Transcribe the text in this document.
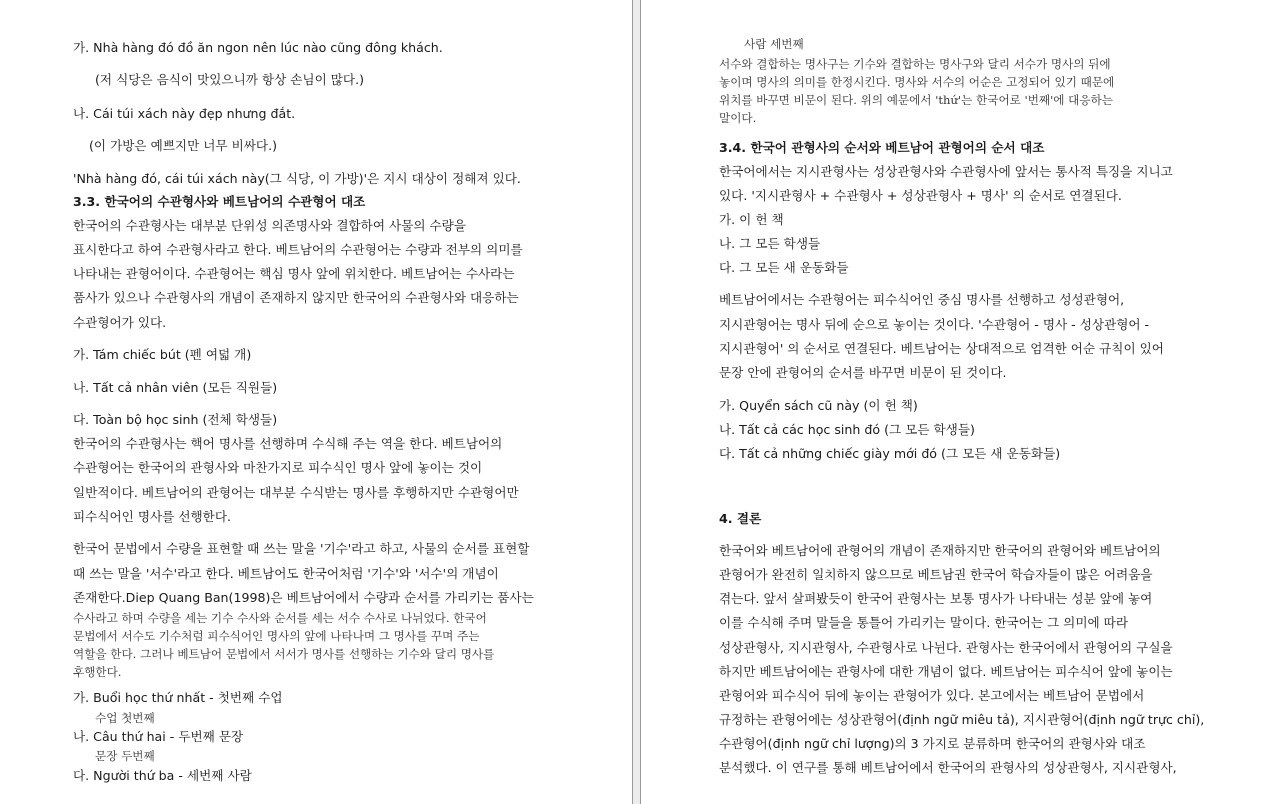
가. Nhà hàng đó đồ ăn ngon nên lúc nào cũng đông khách.
(저 식당은 음식이 맛있으니까 항상 손님이 많다.)
나. Cái túi xách này đẹp nhưng đắt.
(이 가방은 예쁘지만 너무 비싸다.)
'Nhà hàng đó, cái túi xách này(그 식당, 이 가방)'은 지시 대상이 정해져 있다.
3.3. 한국어의 수관형사와 베트남어의 수관형어 대조
한국어의 수관형사는 대부분 단위성 의존명사와 결합하여 사물의 수량을
표시한다고 하여 수관형사라고 한다. 베트남어의 수관형어는 수량과 전부의 의미를
나타내는 관형어이다. 수관형어는 핵심 명사 앞에 위치한다. 베트남어는 수사라는
품사가 있으나 수관형사의 개념이 존재하지 않지만 한국어의 수관형사와 대응하는
수관형어가 있다.
가. Tám chiếc bút (펜 여덟 개)
나. Tất cả nhân viên (모든 직원들)
다. Toàn bộ học sinh (전체 학생들)
한국어의 수관형사는 핵어 명사를 선행하며 수식해 주는 역을 한다. 베트남어의
수관형어는 한국어의 관형사와 마찬가지로 피수식인 명사 앞에 놓이는 것이
일반적이다. 베트남어의 관형어는 대부분 수식받는 명사를 후행하지만 수관형어만
피수식어인 명사를 선행한다.
한국어 문법에서 수량을 표현할 때 쓰는 말을 '기수'라고 하고, 사물의 순서를 표현할
때 쓰는 말을 '서수'라고 한다. 베트남어도 한국어처럼 '기수'와 '서수'의 개념이
존재한다.Diep Quang Ban(1998)은 베트남어에서 수량과 순서를 가리키는 품사는
수사라고 하며 수량을 세는 기수 수사와 순서를 세는 서수 수사로 나뉘었다. 한국어
문법에서 서수도 기수처럼 피수식어인 명사의 앞에 나타나며 그 명사를 꾸며 주는
역할을 한다. 그러나 베트남어 문법에서 서서가 명사를 선행하는 기수와 달리 명사를
후행한다.
가. Buổi học thứ nhất - 첫번째 수업
수업 첫번째
나. Câu thứ hai - 두번째 문장
문장 두번째
다. Người thứ ba - 세번째 사람
사람 세번째
서수와 결합하는 명사구는 기수와 결합하는 명사구와 달리 서수가 명사의 뒤에
놓이며 명사의 의미를 한정시킨다. 명사와 서수의 어순은 고정되어 있기 때문에
위치를 바꾸면 비문이 된다. 위의 예문에서 'thứ'는 한국어로 '번째'에 대응하는
말이다.
3.4. 한국어 관형사의 순서와 베트남어 관형어의 순서 대조
한국어에서는 지시관형사는 성상관형사와 수관형사에 앞서는 통사적 특징을 지니고
있다. '지시관형사 + 수관형사 + 성상관형사 + 명사' 의 순서로 연결된다.
가. 이 헌 책
나. 그 모든 학생들
다. 그 모든 새 운동화들
베트남어에서는 수관형어는 피수식어인 중심 명사를 선행하고 성성관형어,
지시관형어는 명사 뒤에 순으로 놓이는 것이다. '수관형어 - 명사 - 성상관형어 -
지시관형어' 의 순서로 연결된다. 베트남어는 상대적으로 엄격한 어순 규칙이 있어
문장 안에 관형어의 순서를 바꾸면 비문이 된 것이다.
가. Quyển sách cũ này (이 헌 책)
나. Tất cả các học sinh đó (그 모든 학생들)
다. Tất cả những chiếc giày mới đó (그 모든 새 운동화들)
4. 결론
한국어와 베트남어에 관형어의 개념이 존재하지만 한국어의 관형어와 베트남어의
관형어가 완전히 일치하지 않으므로 베트남권 한국어 학습자들이 많은 어려움을
겪는다. 앞서 살펴봤듯이 한국어 관형사는 보통 명사가 나타내는 성분 앞에 놓여
이를 수식해 주며 말들을 통틀어 가리키는 말이다. 한국어는 그 의미에 따라
성상관형사, 지시관형사, 수관형사로 나뉜다. 관형사는 한국어에서 관형어의 구실을
하지만 베트남어에는 관형사에 대한 개념이 없다. 베트남어는 피수식어 앞에 놓이는
관형어와 피수식어 뒤에 놓이는 관형어가 있다. 본고에서는 베트남어 문법에서
규정하는 관형어에는 성상관형어(định ngữ miêu tả), 지시관형어(định ngữ trực chỉ),
수관형어(định ngữ chỉ lượng)의 3 가지로 분류하며 한국어의 관형사와 대조
분석했다. 이 연구를 통해 베트남어에서 한국어의 관형사의 성상관형사, 지시관형사,
